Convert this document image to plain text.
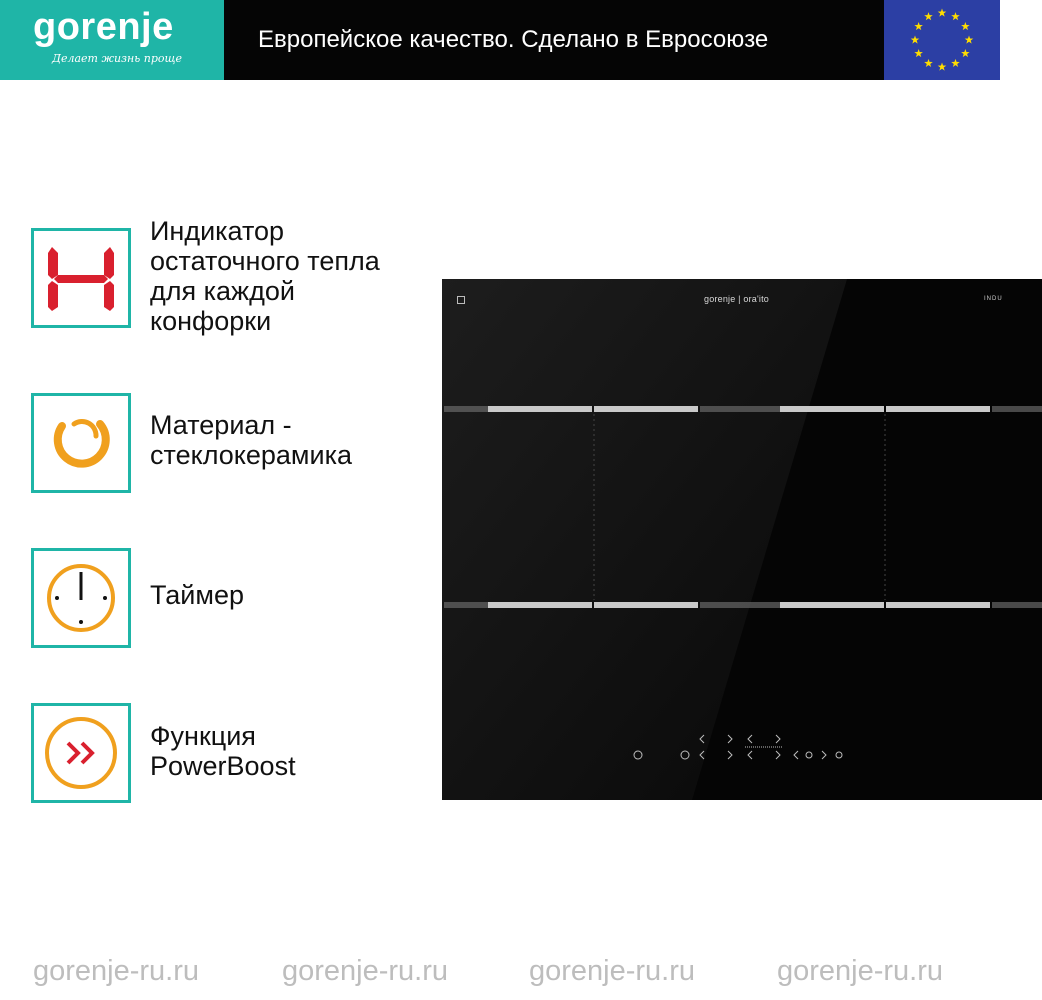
gorenje
Делает жизнь проще
Европейское качество. Сделано в Евросоюзе
Индикатор
остаточного тепла
для каждой
конфорки
Материал -
стеклокерамика
Таймер
Функция
PowerBoost
gorenje | ora'ito	INDU
gorenje-ru.ru	gorenje-ru.ru	gorenje-ru.ru	gorenje-ru.ru
